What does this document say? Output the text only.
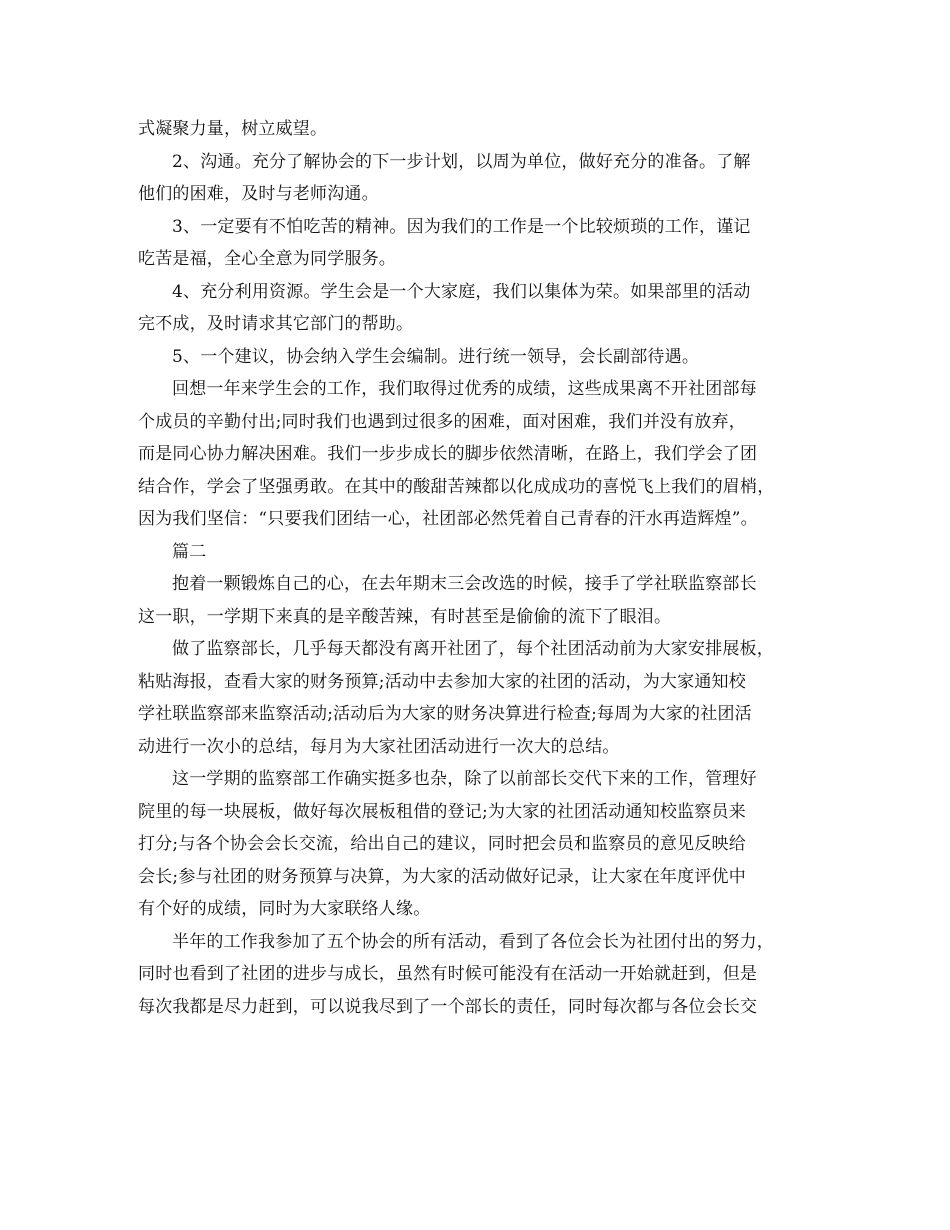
式凝聚力量，树立威望。
2、沟通。充分了解协会的下一步计划，以周为单位，做好充分的准备。了解
他们的困难，及时与老师沟通。
3、一定要有不怕吃苦的精神。因为我们的工作是一个比较烦琐的工作，谨记
吃苦是福，全心全意为同学服务。
4、充分利用资源。学生会是一个大家庭，我们以集体为荣。如果部里的活动
完不成，及时请求其它部门的帮助。
5、一个建议，协会纳入学生会编制。进行统一领导，会长副部待遇。
回想一年来学生会的工作，我们取得过优秀的成绩，这些成果离不开社团部每
个成员的辛勤付出;同时我们也遇到过很多的困难，面对困难，我们并没有放弃，
而是同心协力解决困难。我们一步步成长的脚步依然清晰，在路上，我们学会了团
结合作，学会了坚强勇敢。在其中的酸甜苦辣都以化成成功的喜悦飞上我们的眉梢，
因为我们坚信：“只要我们团结一心，社团部必然凭着自己青春的汗水再造辉煌”。
篇二
抱着一颗锻炼自己的心，在去年期末三会改选的时候，接手了学社联监察部长
这一职，一学期下来真的是辛酸苦辣，有时甚至是偷偷的流下了眼泪。
做了监察部长，几乎每天都没有离开社团了，每个社团活动前为大家安排展板，
粘贴海报，查看大家的财务预算;活动中去参加大家的社团的活动，为大家通知校
学社联监察部来监察活动;活动后为大家的财务决算进行检查;每周为大家的社团活
动进行一次小的总结，每月为大家社团活动进行一次大的总结。
这一学期的监察部工作确实挺多也杂，除了以前部长交代下来的工作，管理好
院里的每一块展板，做好每次展板租借的登记;为大家的社团活动通知校监察员来
打分;与各个协会会长交流，给出自己的建议，同时把会员和监察员的意见反映给
会长;参与社团的财务预算与决算，为大家的活动做好记录，让大家在年度评优中
有个好的成绩，同时为大家联络人缘。
半年的工作我参加了五个协会的所有活动，看到了各位会长为社团付出的努力，
同时也看到了社团的进步与成长，虽然有时候可能没有在活动一开始就赶到，但是
每次我都是尽力赶到，可以说我尽到了一个部长的责任，同时每次都与各位会长交
